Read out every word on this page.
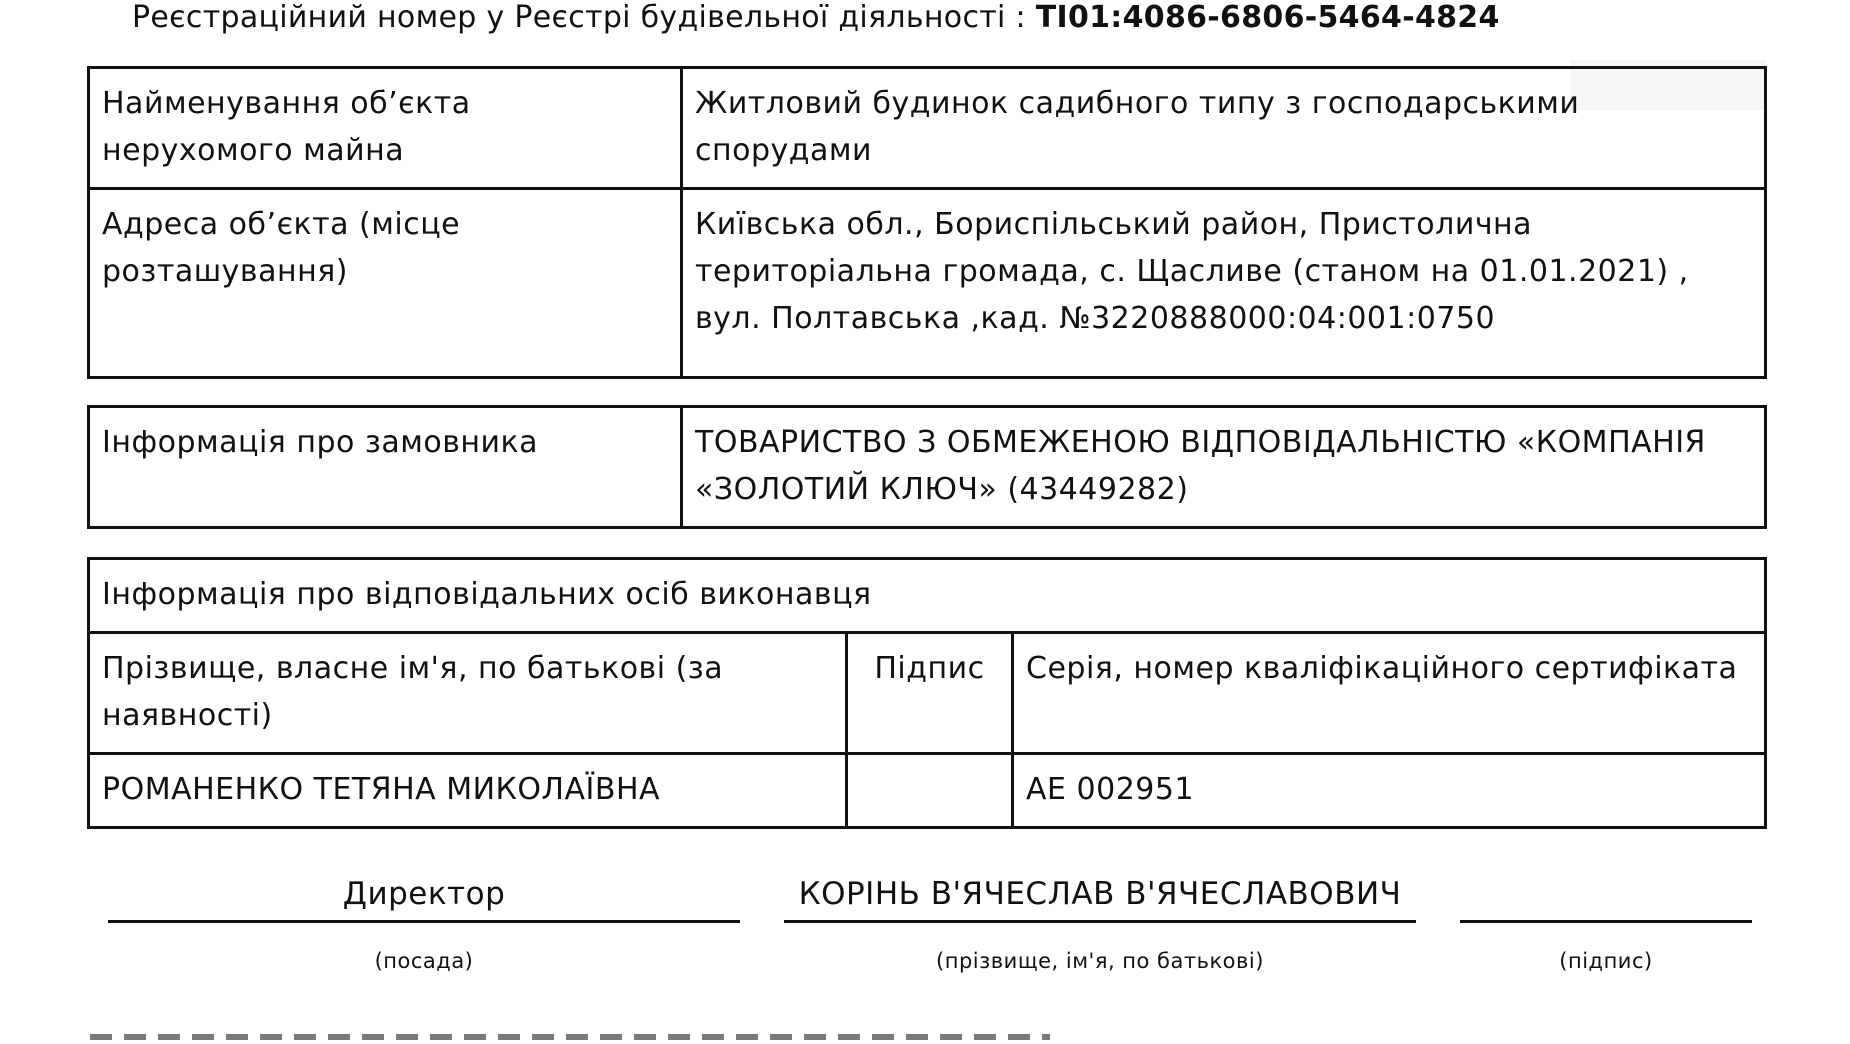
Реєстраційний номер у Реєстрі будівельної діяльності : ТІ01:4086-6806-5464-4824
Найменування об’єкта нерухомого майна	Житловий будинок садибного типу з господарськими спорудами
Адреса об’єкта (місце розташування)	Київська обл., Бориспільський район, Пристолична територіальна громада, с. Щасливе (станом на 01.01.2021) , вул. Полтавська ,кад. №3220888000:04:001:0750
Інформація про замовника	ТОВАРИСТВО З ОБМЕЖЕНОЮ ВІДПОВІДАЛЬНІСТЮ «КОМПАНІЯ «ЗОЛОТИЙ КЛЮЧ» (43449282)
Інформація про відповідальних осіб виконавця		
Прізвище, власне ім'я, по батькові (за наявності)	Підпис	Серія, номер кваліфікаційного сертифіката
РОМАНЕНКО ТЕТЯНА МИКОЛАЇВНА		АЕ 002951
Директор
(посада)
КОРІНЬ В'ЯЧЕСЛАВ В'ЯЧЕСЛАВОВИЧ
(прізвище, ім'я, по батькові)	(підпис)
